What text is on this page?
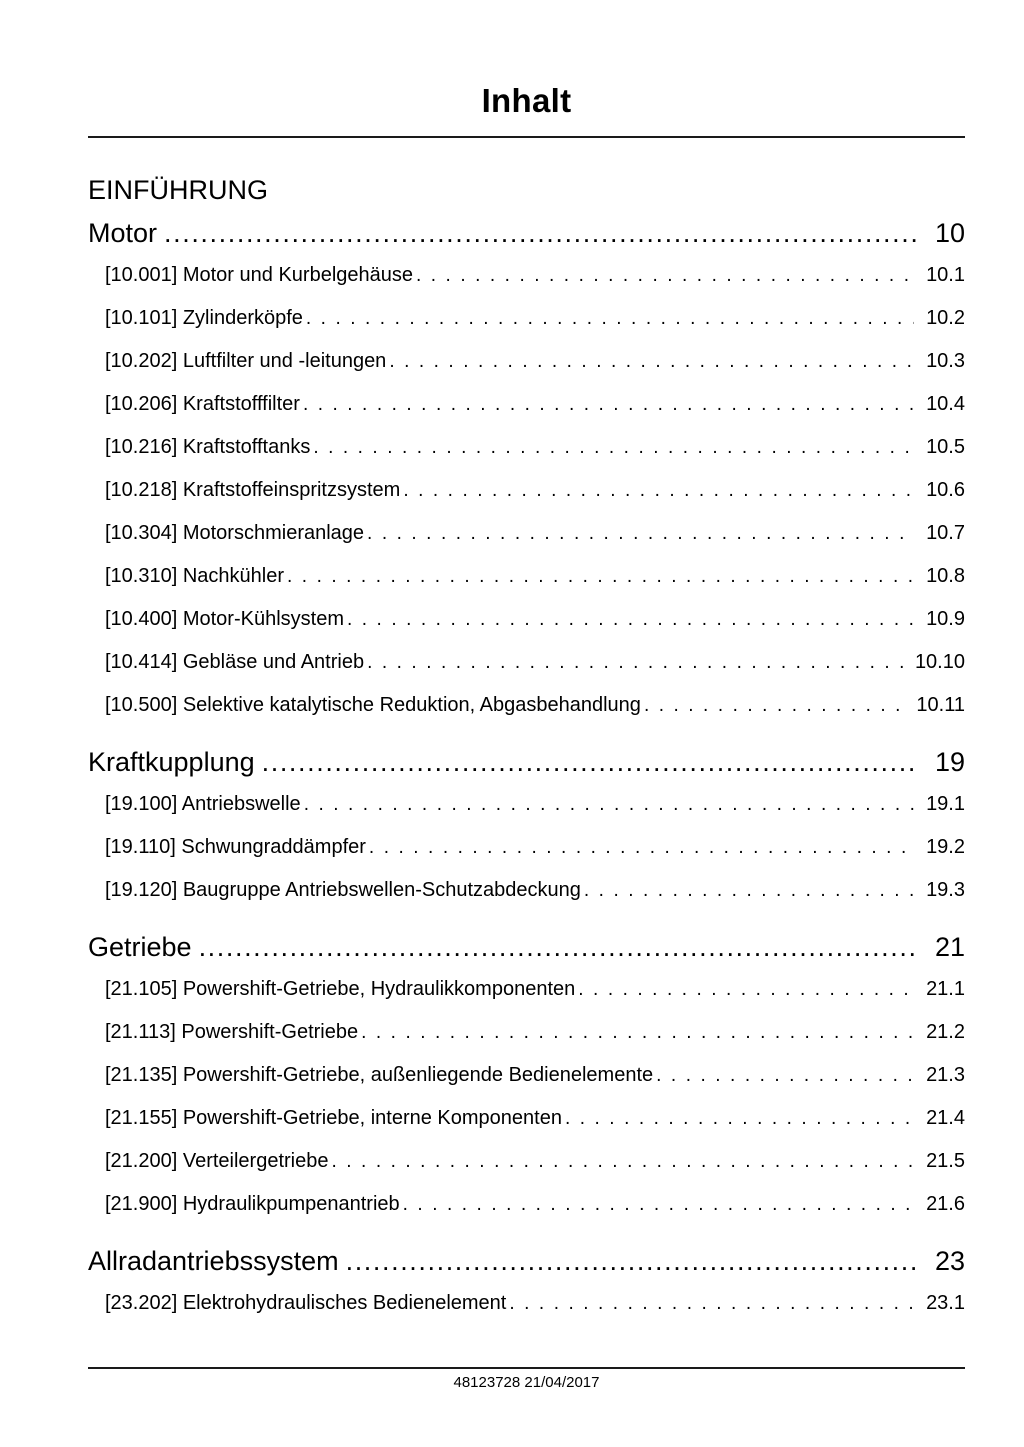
Inhalt
EINFÜHRUNG
Motor .....	10
[10.001] Motor und Kurbelgehäuse .....	10.1
[10.101] Zylinderköpfe .....	10.2
[10.202] Luftfilter und -leitungen .....	10.3
[10.206] Kraftstofffilter .....	10.4
[10.216] Kraftstofftanks .....	10.5
[10.218] Kraftstoffeinspritzsystem .....	10.6
[10.304] Motorschmieranlage .....	10.7
[10.310] Nachkühler .....	10.8
[10.400] Motor-Kühlsystem .....	10.9
[10.414] Gebläse und Antrieb .....	10.10
[10.500] Selektive katalytische Reduktion, Abgasbehandlung .....	10.11
Kraftkupplung .....	19
[19.100] Antriebswelle .....	19.1
[19.110] Schwungraddämpfer .....	19.2
[19.120] Baugruppe Antriebswellen-Schutzabdeckung .....	19.3
Getriebe .....	21
[21.105] Powershift-Getriebe, Hydraulikkomponenten .....	21.1
[21.113] Powershift-Getriebe .....	21.2
[21.135] Powershift-Getriebe, außenliegende Bedienelemente .....	21.3
[21.155] Powershift-Getriebe, interne Komponenten .....	21.4
[21.200] Verteilergetriebe .....	21.5
[21.900] Hydraulikpumpenantrieb .....	21.6
Allradantriebssystem .....	23
[23.202] Elektrohydraulisches Bedienelement .....	23.1
48123728 21/04/2017
